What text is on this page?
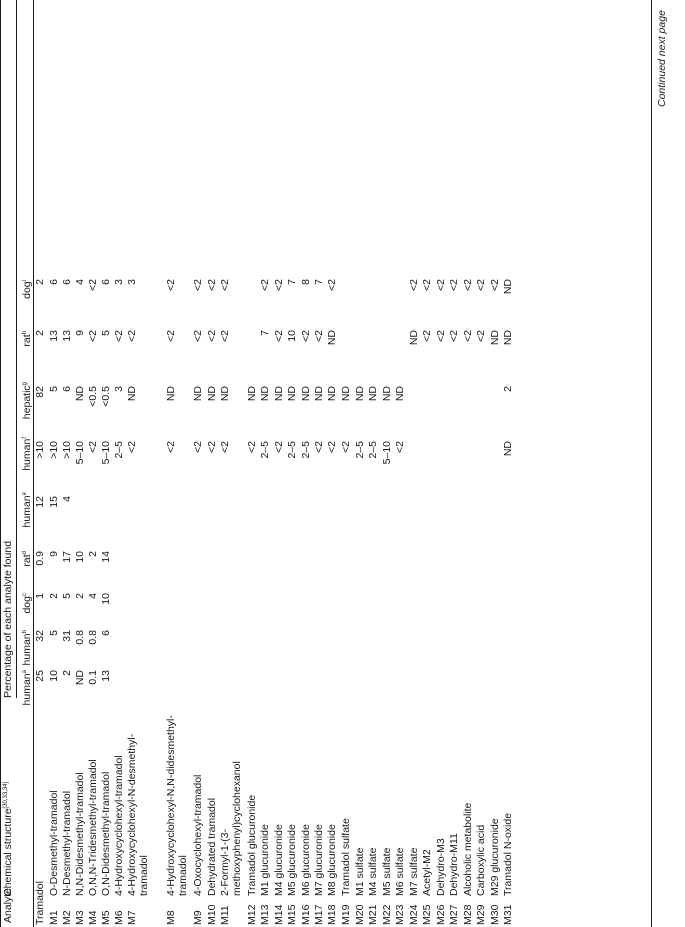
Analyte
Chemical structure[30,33,34]
Percentage of each analyte found human$^a$
human$^b$
dog$^c$
rat$^d$
human$^e$
human$^f$
hepatic$^g$
rat$^h$
dog$^i$
Tramadol
25
32
1
0.9
12
>10
82
2
2
M1
O-Desmethyl-tramadol
10
5
2
9
15
>10
5
13
6
M2
N-Desmethyl-tramadol
2
31
5
17
4
>10
6
13
6
M3
N,N-Didesmethyl-tramadol
ND
0.8
2
10
5–10
ND
9
4
M4
O,N,N-Tridesmethyl-tramadol
0.1
0.8
4
2
<2
<0.5
<2
<2
M5
O,N-Didesmethyl-tramadol
13
6
10
14
5–10
<0.5
5
6
M6
4-Hydroxycyclohexyl-tramadol
2–5
3
<2
3
M7
4-Hydroxycyclohexyl-N-desmethyl-tramadol
<2
ND
<2
3
M8
4-Hydroxycyclohexyl-N,N-didesmethyl-tramadol
<2
ND
<2
<2
M9
4-Oxocyclohexyl-tramadol
<2
ND
<2
<2
M10
Dehydrated tramadol
<2
ND
<2
<2
M11
2-Formyl-1-(3-methoxyphenyl)cyclohexanol
<2
ND
<2
<2
M12
Tramadol glucuronide
<2
ND
M13
M1 glucuronide
2–5
ND
7
<2
M14
M4 glucuronide
<2
ND
<2
<2
M15
M5 glucuronide
2–5
ND
10
7
M16
M6 glucuronide
2–5
ND
<2
8
M17
M7 glucuronide
<2
ND
<2
7
M18
M8 glucuronide
<2
ND
ND
<2
M19
Tramadol sulfate
<2
ND
M20
M1 sulfate
2–5
ND
M21
M4 sulfate
2–5
ND
M22
M5 sulfate
5–10
ND
M23
M6 sulfate
<2
ND
M24
M7 sulfate
ND
<2
M25
Acetyl-M2
<2
<2
M26
Dehydro-M3
<2
<2
M27
Dehydro-M11
<2
<2
M28
Alcoholic metabolite
<2
<2
M29
Carboxylic acid
<2
<2
M30
M29 glucuronide
ND
<2
M31
Tramadol N-oxide
ND
2
ND
ND
Continued next page
